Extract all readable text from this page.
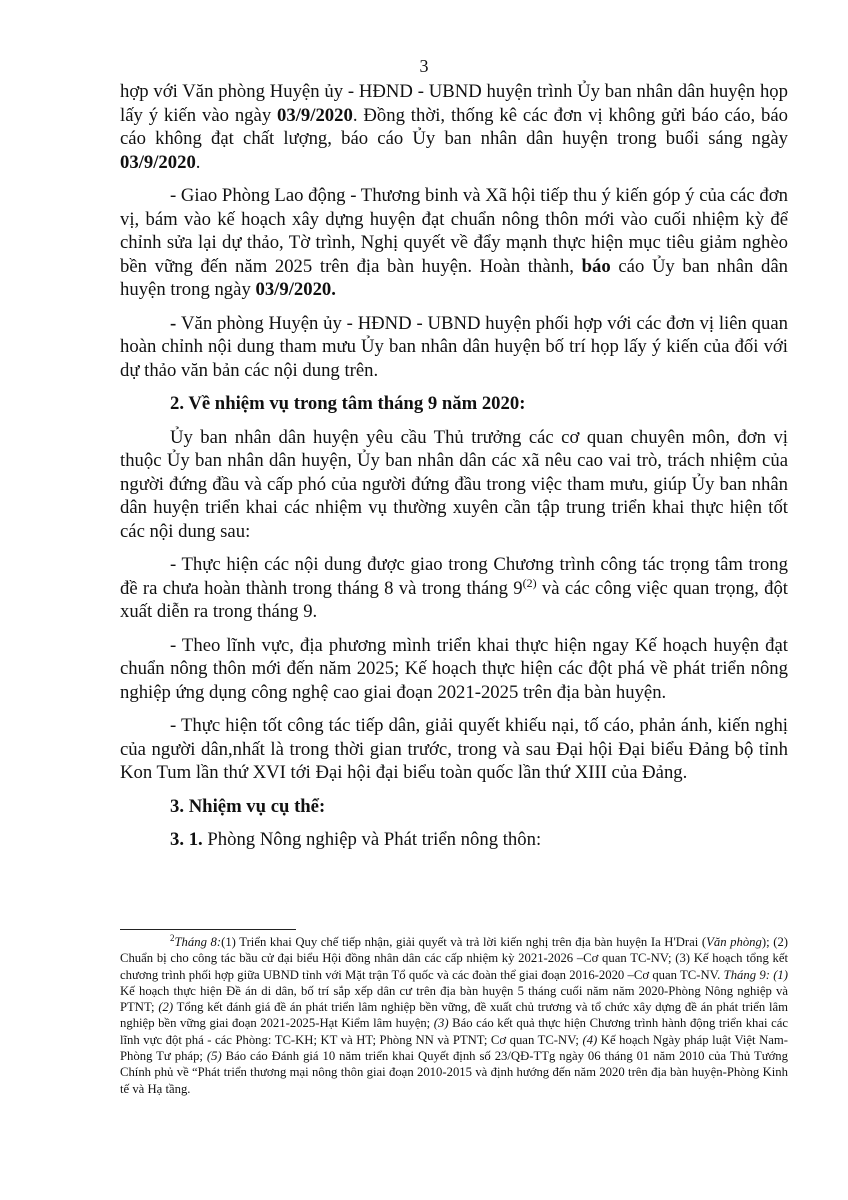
3

hợp với Văn phòng Huyện ủy - HĐND - UBND huyện trình Ủy ban nhân dân huyện họp lấy ý kiến vào ngày 03/9/2020. Đồng thời, thống kê các đơn vị không gửi báo cáo, báo cáo không đạt chất lượng, báo cáo Ủy ban nhân dân huyện trong buổi sáng ngày 03/9/2020.

- Giao Phòng Lao động - Thương binh và Xã hội tiếp thu ý kiến góp ý của các đơn vị, bám vào kế hoạch xây dựng huyện đạt chuẩn nông thôn mới vào cuối nhiệm kỳ để chỉnh sửa lại dự thảo, Tờ trình, Nghị quyết về đẩy mạnh thực hiện mục tiêu giảm nghèo bền vững đến năm 2025 trên địa bàn huyện. Hoàn thành, báo cáo Ủy ban nhân dân huyện trong ngày 03/9/2020.

- Văn phòng Huyện ủy - HĐND - UBND huyện phối hợp với các đơn vị liên quan hoàn chỉnh nội dung tham mưu Ủy ban nhân dân huyện bố trí họp lấy ý kiến của đối với dự thảo văn bản các nội dung trên.

2. Về nhiệm vụ trong tâm tháng 9 năm 2020:

Ủy ban nhân dân huyện yêu cầu Thủ trưởng các cơ quan chuyên môn, đơn vị thuộc Ủy ban nhân dân huyện, Ủy ban nhân dân các xã nêu cao vai trò, trách nhiệm của người đứng đầu và cấp phó của người đứng đầu trong việc tham mưu, giúp Ủy ban nhân dân huyện triển khai các nhiệm vụ thường xuyên cần tập trung triển khai thực hiện tốt các nội dung sau:

- Thực hiện các nội dung được giao trong Chương trình công tác trọng tâm trong đề ra chưa hoàn thành trong tháng 8 và trong tháng 9$^{(2)}$ và các công việc quan trọng, đột xuất diễn ra trong tháng 9.

- Theo lĩnh vực, địa phương mình triển khai thực hiện ngay Kế hoạch huyện đạt chuẩn nông thôn mới đến năm 2025; Kế hoạch thực hiện các đột phá về phát triển nông nghiệp ứng dụng công nghệ cao giai đoạn 2021-2025 trên địa bàn huyện.

- Thực hiện tốt công tác tiếp dân, giải quyết khiếu nại, tố cáo, phản ánh, kiến nghị của người dân,nhất là trong thời gian trước, trong và sau Đại hội Đại biểu Đảng bộ tỉnh Kon Tum lần thứ XVI tới Đại hội đại biểu toàn quốc lần thứ XIII của Đảng.

3. Nhiệm vụ cụ thể:

3. 1. Phòng Nông nghiệp và Phát triển nông thôn:

$^2$Tháng 8:(1) Triển khai Quy chế tiếp nhận, giải quyết và trả lời kiến nghị trên địa bàn huyện Ia H'Drai (Văn phòng); (2) Chuẩn bị cho công tác bầu cử đại biểu Hội đồng nhân dân các cấp nhiệm kỳ 2021-2026 –Cơ quan TC-NV; (3) Kế hoạch tổng kết chương trình phối hợp giữa UBND tỉnh với Mặt trận Tổ quốc và các đoàn thể giai đoạn 2016-2020 –Cơ quan TC-NV. Tháng 9: (1) Kế hoạch thực hiện Đề án di dân, bố trí sắp xếp dân cư trên địa bàn huyện 5 tháng cuối năm năm 2020-Phòng Nông nghiệp và PTNT; (2) Tổng kết đánh giá đề án phát triển lâm nghiệp bền vững, đề xuất chủ trương và tổ chức xây dựng đề án phát triển lâm nghiệp bền vững giai đoạn 2021-2025-Hạt Kiểm lâm huyện; (3) Báo cáo kết quả thực hiện Chương trình hành động triển khai các lĩnh vực đột phá - các Phòng: TC-KH; KT và HT; Phòng NN và PTNT; Cơ quan TC-NV; (4) Kế hoạch Ngày pháp luật Việt Nam-Phòng Tư pháp; (5) Báo cáo Đánh giá 10 năm triển khai Quyết định số 23/QĐ-TTg ngày 06 tháng 01 năm 2010 của Thủ Tướng Chính phủ về “Phát triển thương mại nông thôn giai đoạn 2010-2015 và định hướng đến năm 2020 trên địa bàn huyện-Phòng Kinh tế và Hạ tầng.
